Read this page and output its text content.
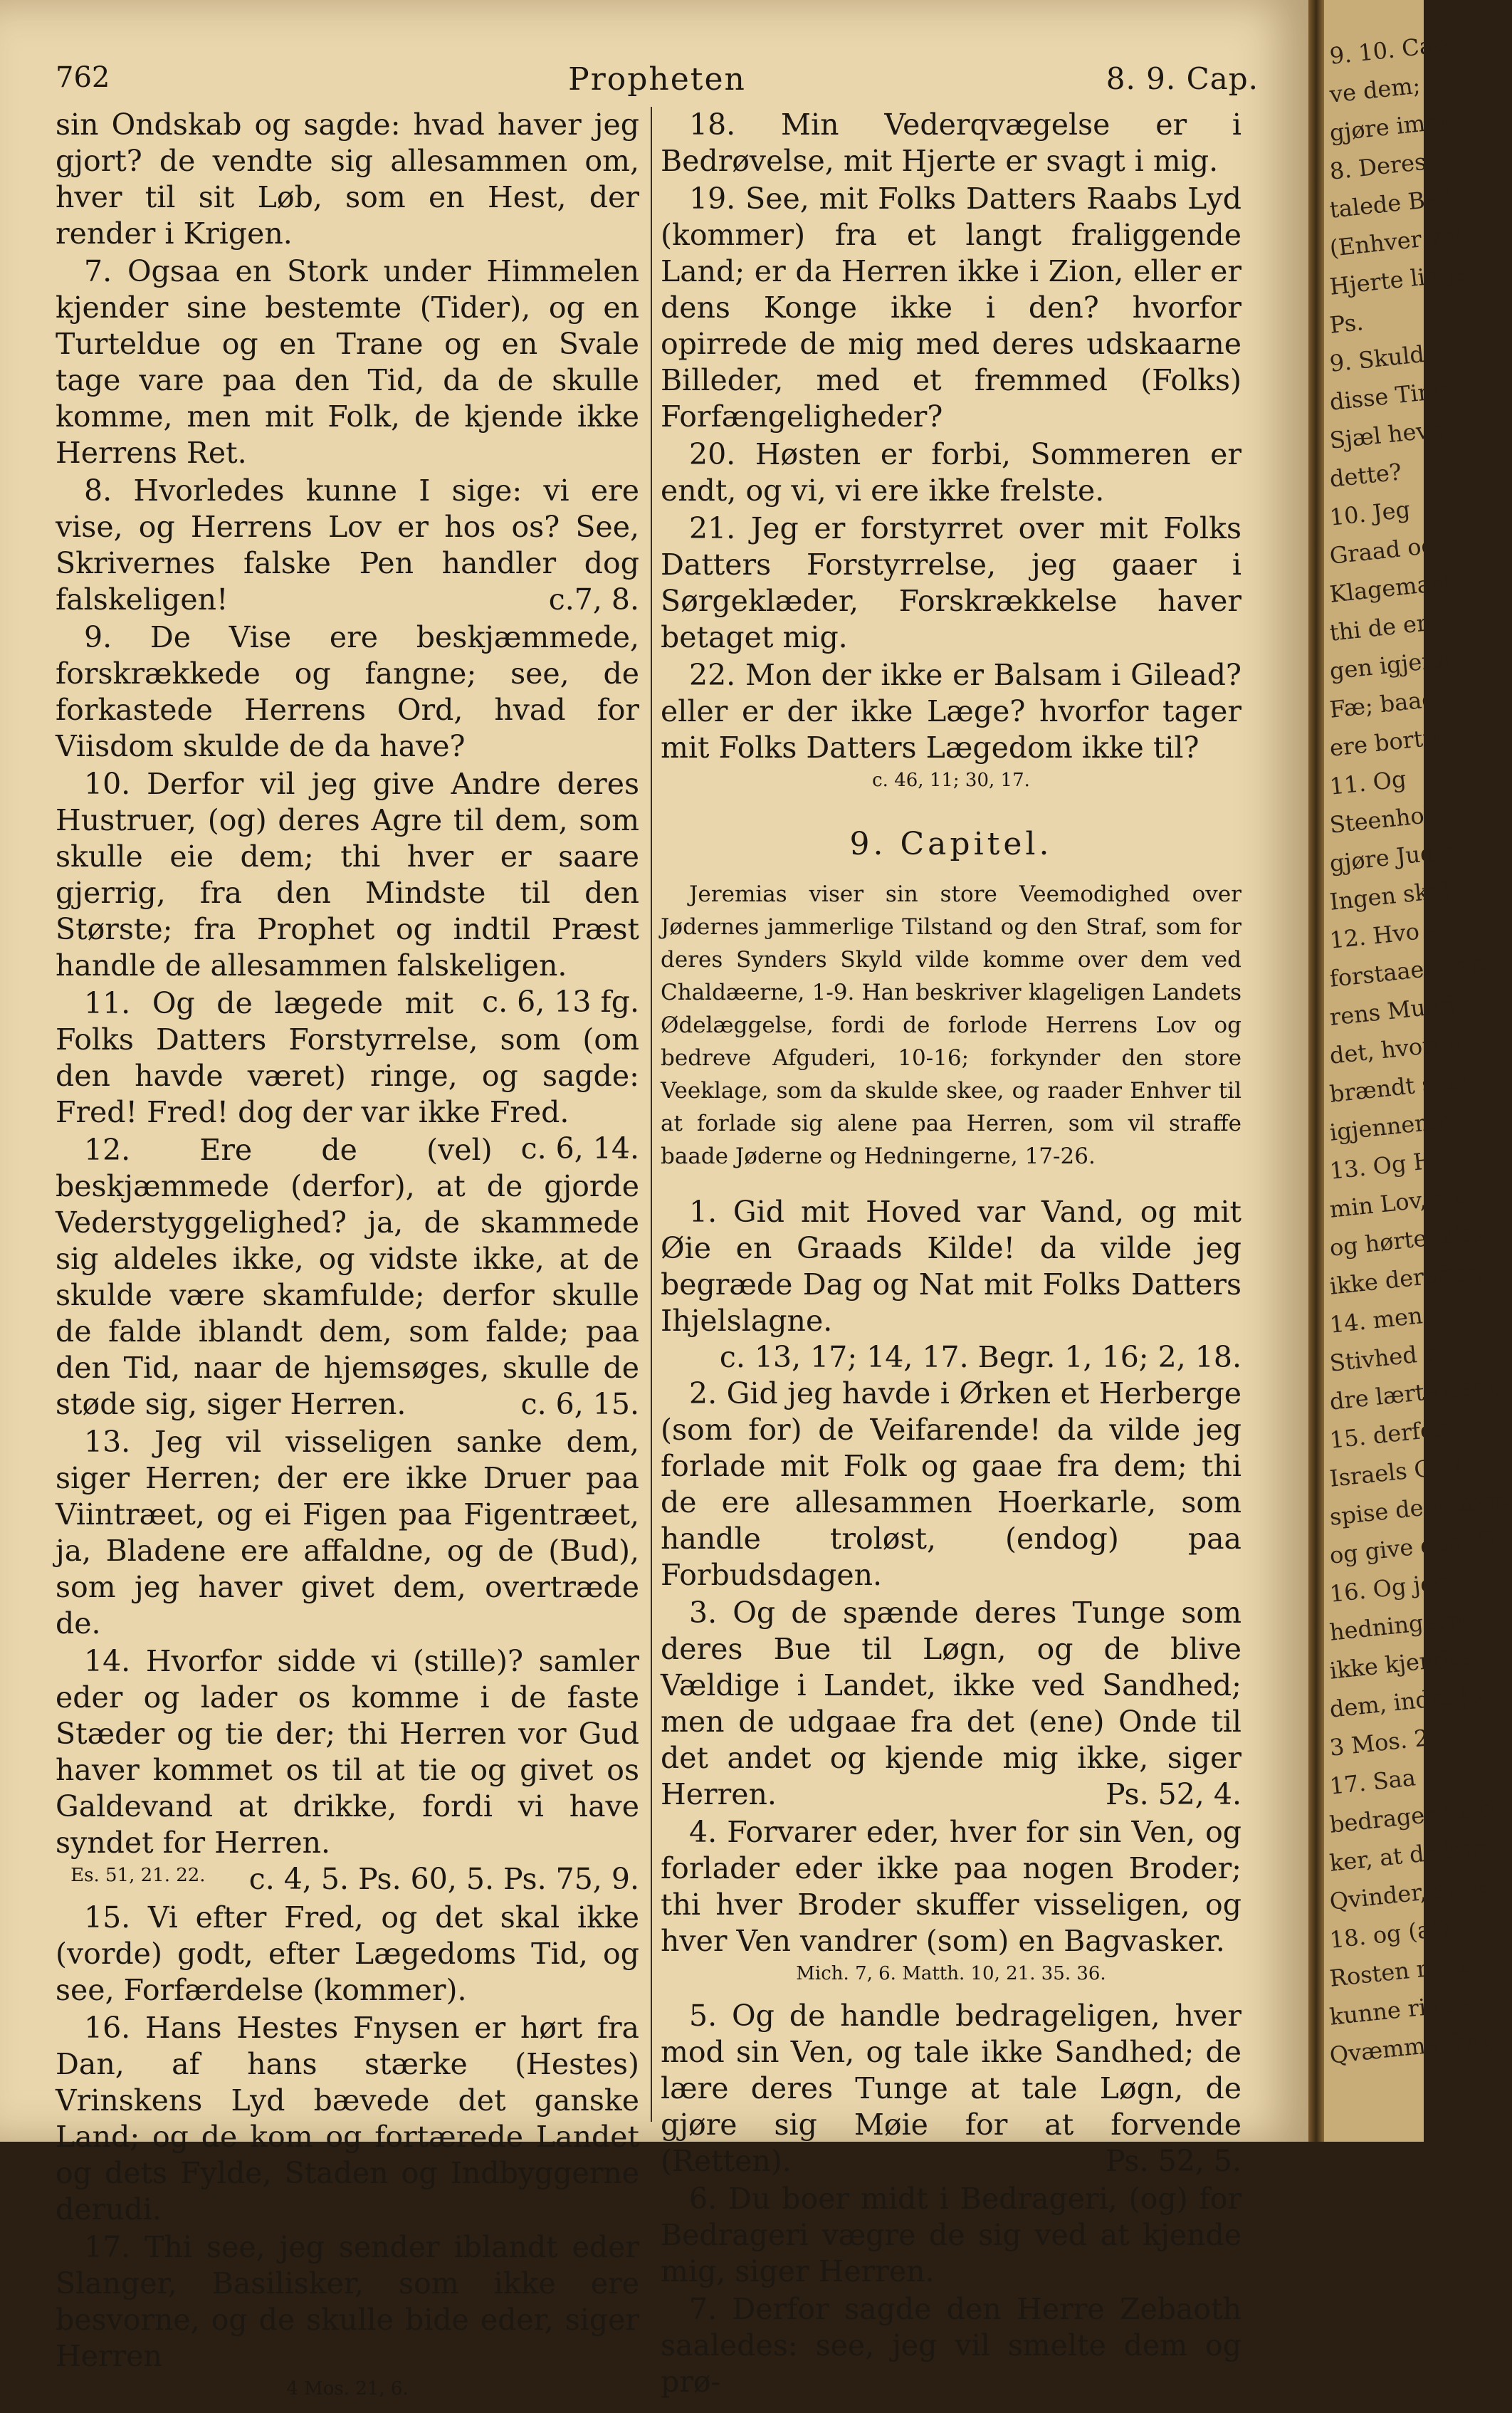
762	Propheten	8. 9. Cap.

sin Ondskab og sagde: hvad haver jeg gjort? de vendte sig allesammen om, hver til sit Løb, som en Hest, der render i Krigen.

7. Ogsaa en Stork under Himmelen kjender sine bestemte (Tider), og en Turteldue og en Trane og en Svale tage vare paa den Tid, da de skulle komme, men mit Folk, de kjende ikke Herrens Ret.

8. Hvorledes kunne I sige: vi ere vise, og Herrens Lov er hos os? See, Skrivernes falske Pen handler dog falskeligen!	c.7, 8.

9. De Vise ere beskjæmmede, forskrækkede og fangne; see, de forkastede Herrens Ord, hvad for Viisdom skulde de da have?

10. Derfor vil jeg give Andre deres Hustruer, (og) deres Agre til dem, som skulle eie dem; thi hver er saare gjerrig, fra den Mindste til den Største; fra Prophet og indtil Præst handle de allesammen falskeligen.
c. 6, 13 fg.

11. Og de lægede mit Folks Datters Forstyrrelse, som (om den havde været) ringe, og sagde: Fred! Fred! dog der var ikke Fred.
c. 6, 14.

12. Ere de (vel) beskjæmmede (derfor), at de gjorde Vederstyggelighed? ja, de skammede sig aldeles ikke, og vidste ikke, at de skulde være skamfulde; derfor skulle de falde iblandt dem, som falde; paa den Tid, naar de hjemsøges, skulle de støde sig, siger Herren.	c. 6, 15.

13. Jeg vil visseligen sanke dem, siger Herren; der ere ikke Druer paa Viintræet, og ei Figen paa Figentræet, ja, Bladene ere affaldne, og de (Bud), som jeg haver givet dem, overtræde de.

14. Hvorfor sidde vi (stille)? samler eder og lader os komme i de faste Stæder og tie der; thi Herren vor Gud haver kommet os til at tie og givet os Galdevand at drikke, fordi vi have syndet for Herren.
c. 4, 5. Ps. 60, 5. Ps. 75, 9.

Es. 51, 21. 22.

15. Vi efter Fred, og det skal ikke (vorde) godt, efter Lægedoms Tid, og see, Forfærdelse (kommer).

16. Hans Hestes Fnysen er hørt fra Dan, af hans stærke (Hestes) Vrinskens Lyd bævede det ganske Land; og de kom og fortærede Landet og dets Fylde, Staden og Indbyggerne derudi.

17. Thi see, jeg sender iblandt eder Slanger, Basilisker, som ikke ere besvorne, og de skulle bide eder, siger Herren

4 Mos. 21, 6.

18. Min Vederqvægelse er i Bedrøvelse, mit Hjerte er svagt i mig.

19. See, mit Folks Datters Raabs Lyd (kommer) fra et langt fraliggende Land; er da Herren ikke i Zion, eller er dens Konge ikke i den? hvorfor opirrede de mig med deres udskaarne Billeder, med et fremmed (Folks) Forfængeligheder?

20. Høsten er forbi, Sommeren er endt, og vi, vi ere ikke frelste.

21. Jeg er forstyrret over mit Folks Datters Forstyrrelse, jeg gaaer i Sørgeklæder, Forskrækkelse haver betaget mig.

22. Mon der ikke er Balsam i Gilead? eller er der ikke Læge? hvorfor tager mit Folks Datters Lægedom ikke til?

c. 46, 11; 30, 17.
9. Capitel.

Jeremias viser sin store Veemodighed over Jødernes jammerlige Tilstand og den Straf, som for deres Synders Skyld vilde komme over dem ved Chaldæerne, 1-9. Han beskriver klageligen Landets Ødelæggelse, fordi de forlode Herrens Lov og bedreve Afguderi, 10-16; forkynder den store Veeklage, som da skulde skee, og raader Enhver til at forlade sig alene paa Herren, som vil straffe baade Jøderne og Hedningerne, 17-26.

1. Gid mit Hoved var Vand, og mit Øie en Graads Kilde! da vilde jeg begræde Dag og Nat mit Folks Datters Ihjelslagne.
c. 13, 17; 14, 17. Begr. 1, 16; 2, 18.

2. Gid jeg havde i Ørken et Herberge (som for) de Veifarende! da vilde jeg forlade mit Folk og gaae fra dem; thi de ere allesammen Hoerkarle, som handle troløst, (endog) paa Forbudsdagen.

3. Og de spænde deres Tunge som deres Bue til Løgn, og de blive Vældige i Landet, ikke ved Sandhed; men de udgaae fra det (ene) Onde til det andet og kjende mig ikke, siger Herren.	Ps. 52, 4.

4. Forvarer eder, hver for sin Ven, og forlader eder ikke paa nogen Broder; thi hver Broder skuffer visseligen, og hver Ven vandrer (som) en Bagvasker.

Mich. 7, 6. Matth. 10, 21. 35. 36.

5. Og de handle bedrageligen, hver mod sin Ven, og tale ikke Sandhed; de lære deres Tunge at tale Løgn, de gjøre sig Møie for at forvende (Retten).	Ps. 52, 5.

6. Du boer midt i Bedrageri, (og) for Bedrageri vægre de sig ved at kjende mig, siger Herren.

7. Derfor sagde den Herre Zebaoth saaledes: see, jeg vil smelte dem og prø-

9. 10. Cap.
ve dem;
gjøre imod
8. Deres
talede Bed
(Enhver vel
Hjerte ligge
Ps.
9. Skuld
disse Ting
Sjæl hevn
dette?
10. Jeg
Graad og
Klagemaal
thi de ere
gen igjenn
Fæ; baad
ere bortfle
11. Og
Steenhobe,
gjøre Judæ
Ingen skal
12. Hvo e
forstaaer dett
rens Mund
det, hvorfor
brændt som
igjennem?
13. Og He
min Lov, som
og hørte ikke
ikke derefter,
14. men
Stivhed og
dre lærte dem,
15. derfor
Israels Gud,
spise dem, nem
og give dem G
16. Og jeg
hedningerne,
ikke kjendte,
dem, indtil je
3 Mos. 2
17. Saa
bedrager (dette
ker, at de kom
Qvinder, at de
18. og (at)
Rosten med
kunne rinde
Qvæmme flyd
